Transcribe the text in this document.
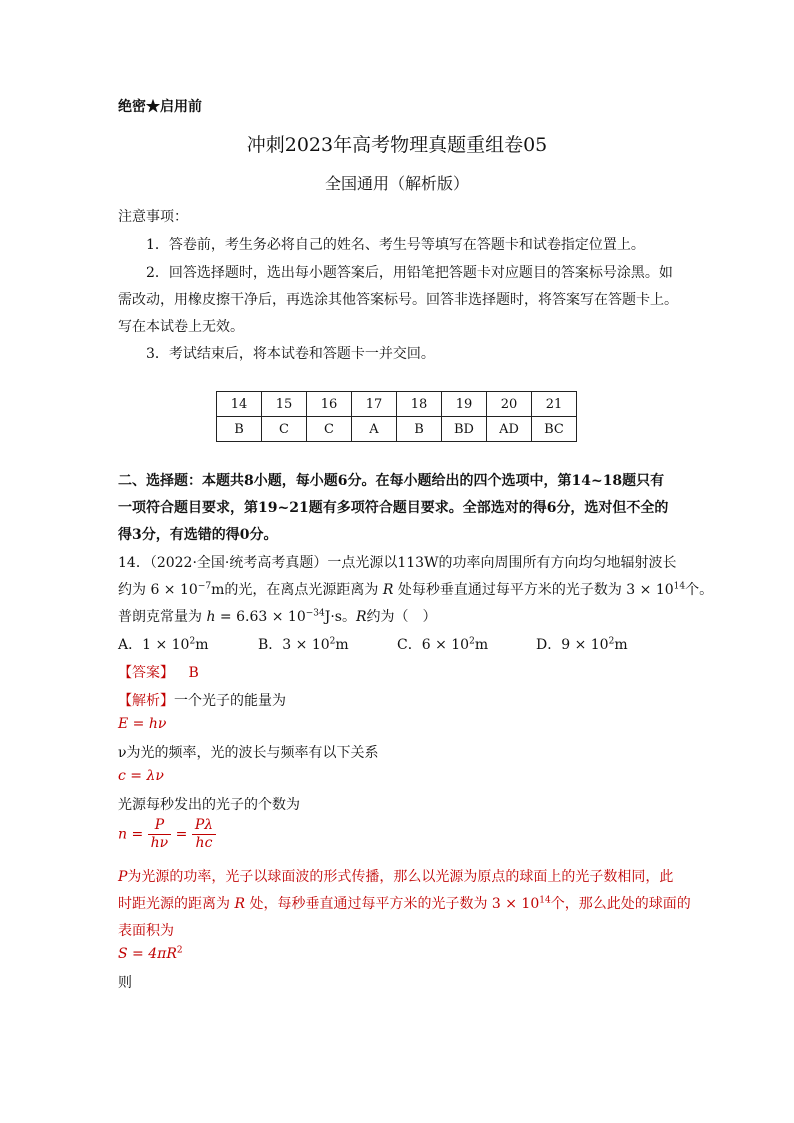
绝密★启用前
冲刺2023年高考物理真题重组卷05
全国通用（解析版）
注意事项：
1．答卷前，考生务必将自己的姓名、考生号等填写在答题卡和试卷指定位置上。
2．回答选择题时，选出每小题答案后，用铅笔把答题卡对应题目的答案标号涂黑。如
需改动，用橡皮擦干净后，再选涂其他答案标号。回答非选择题时，将答案写在答题卡上。
写在本试卷上无效。
3．考试结束后，将本试卷和答题卡一并交回。
14	15	16	17	18	19	20	21
B	C	C	A	B	BD	AD	BC
二、选择题：本题共8小题，每小题6分。在每小题给出的四个选项中，第14~18题只有
一项符合题目要求，第19~21题有多项符合题目要求。全部选对的得6分，选对但不全的
得3分，有选错的得0分。
14．（2022·全国·统考高考真题）一点光源以113W的功率向周围所有方向均匀地辐射波长
约为 $6 \times 10^{-7}m$的光，在离点光源距离为 R 处每秒垂直通过每平方米的光子数为 $3 \times 10^{14}$个。
普朗克常量为 $h = 6.63 \times 10^{-34}J\cdot s$。R约为（　）
A．$1 \times 10^2m$	B．$3 \times 10^2m$	C．$6 \times 10^2m$	D．$9 \times 10^2m$
【答案】 B
【解析】一个光子的能量为
E = hν
ν为光的频率，光的波长与频率有以下关系
c = λν
光源每秒发出的光子的个数为
$n = \frac{P}{h\nu} = \frac{P\lambda}{hc}$
P为光源的功率，光子以球面波的形式传播，那么以光源为原点的球面上的光子数相同，此
时距光源的距离为 R 处，每秒垂直通过每平方米的光子数为 $3 \times 10^{14}$个，那么此处的球面的
表面积为
$S = 4\pi R^2$
则
